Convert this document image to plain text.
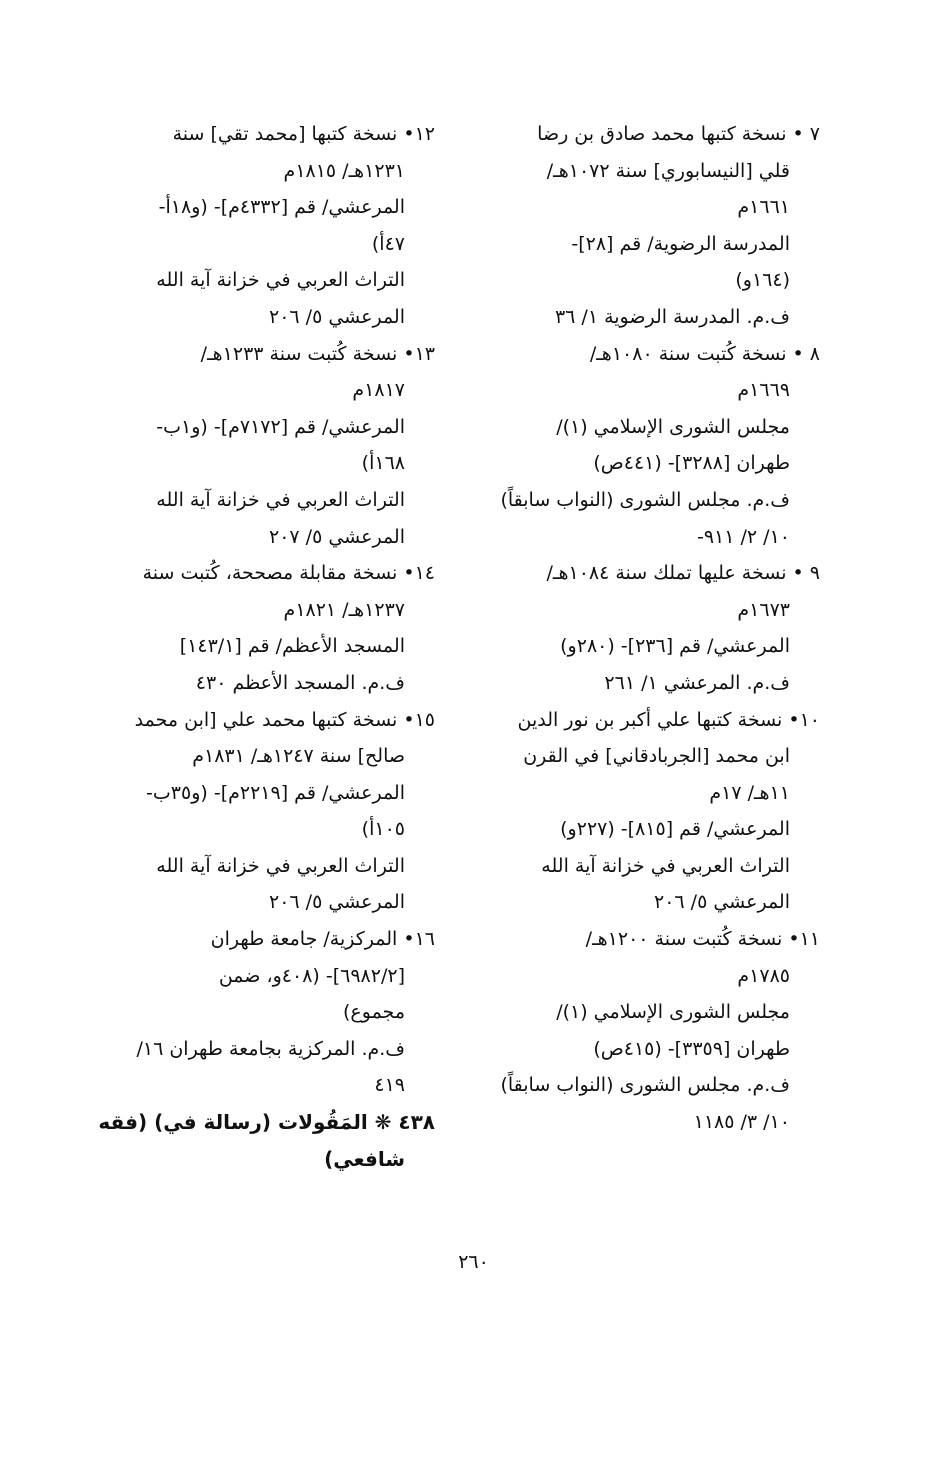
٧ • نسخة كتبها محمد صادق بن رضا
قلي [النيسابوري] سنة ١٠٧٢هـ/
١٦٦١م
المدرسة الرضوية/ قم [٢٨]-
(١٦٤و)
ف.م. المدرسة الرضوية ١/ ٣٦
٨ • نسخة كُتبت سنة ١٠٨٠هـ/
١٦٦٩م
مجلس الشورى الإسلامي (١)/
طهران [٣٢٨٨]- (٤٤١ص)
ف.م. مجلس الشورى (النواب سابقاً)
١٠/ ٢/ ٩١١-
٩ • نسخة عليها تملك سنة ١٠٨٤هـ/
١٦٧٣م
المرعشي/ قم [٢٣٦]- (٢٨٠و)
ف.م. المرعشي ١/ ٢٦١
١٠• نسخة كتبها علي أكبر بن نور الدين
ابن محمد [الجربادقاني] في القرن
١١هـ/ ١٧م
المرعشي/ قم [٨١٥]- (٢٢٧و)
التراث العربي في خزانة آية الله
المرعشي ٥/ ٢٠٦
١١• نسخة كُتبت سنة ١٢٠٠هـ/
١٧٨٥م
مجلس الشورى الإسلامي (١)/
طهران [٣٣٥٩]- (٤١٥ص)
ف.م. مجلس الشورى (النواب سابقاً)
١٠/ ٣/ ١١٨٥
١٢• نسخة كتبها [محمد تقي] سنة
١٢٣١هـ/ ١٨١٥م
المرعشي/ قم [٤٣٣٢م]- (و١٨أ-
٤٧أ)
التراث العربي في خزانة آية الله
المرعشي ٥/ ٢٠٦
١٣• نسخة كُتبت سنة ١٢٣٣هـ/
١٨١٧م
المرعشي/ قم [٧١٧٢م]- (و١ب-
١٦٨أ)
التراث العربي في خزانة آية الله
المرعشي ٥/ ٢٠٧
١٤• نسخة مقابلة مصححة، كُتبت سنة
١٢٣٧هـ/ ١٨٢١م
المسجد الأعظم/ قم [١٤٣/١]
ف.م. المسجد الأعظم ٤٣٠
١٥• نسخة كتبها محمد علي [ابن محمد
صالح] سنة ١٢٤٧هـ/ ١٨٣١م
المرعشي/ قم [٢٢١٩م]- (و٣٥ب-
١٠٥أ)
التراث العربي في خزانة آية الله
المرعشي ٥/ ٢٠٦
١٦• المركزية/ جامعة طهران
[٦٩٨٢/٢]- (٤٠٨و، ضمن
مجموع)
ف.م. المركزية بجامعة طهران ١٦/
٤١٩
٤٣٨ ❋ المَقُولات (رسالة في) (فقه
شافعي)
٢٦٠
